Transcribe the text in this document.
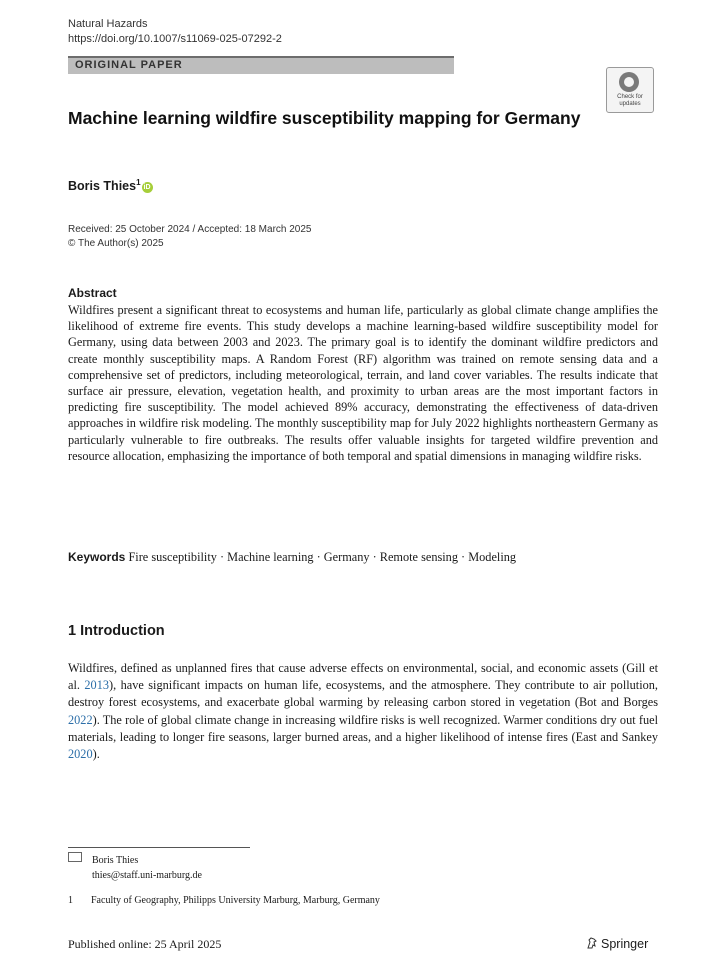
Natural Hazards
https://doi.org/10.1007/s11069-025-07292-2
ORIGINAL PAPER
Check for
updates
Machine learning wildfire susceptibility mapping for Germany
Boris Thies$^1$iD
Received: 25 October 2024 / Accepted: 18 March 2025
© The Author(s) 2025
Abstract
Wildfires present a significant threat to ecosystems and human life, particularly as global climate change amplifies the likelihood of extreme fire events. This study develops a machine learning-based wildfire susceptibility model for Germany, using data between 2003 and 2023. The primary goal is to identify the dominant wildfire predictors and create monthly susceptibility maps. A Random Forest (RF) algorithm was trained on remote sensing data and a comprehensive set of predictors, including meteorological, terrain, and land cover variables. The results indicate that surface air pressure, elevation, vegetation health, and proximity to urban areas are the most important factors in predicting fire susceptibility. The model achieved 89% accuracy, demonstrating the effectiveness of data-driven approaches in wildfire risk modeling. The monthly susceptibility map for July 2022 highlights northeastern Germany as particularly vulnerable to fire outbreaks. The results offer valuable insights for targeted wildfire prevention and resource allocation, emphasizing the importance of both temporal and spatial dimensions in managing wildfire risks.
Keywords Fire susceptibility · Machine learning · Germany · Remote sensing · Modeling
1 Introduction
Wildfires, defined as unplanned fires that cause adverse effects on environmental, social, and economic assets (Gill et al. 2013), have significant impacts on human life, ecosystems, and the atmosphere. They contribute to air pollution, destroy forest ecosystems, and exacerbate global warming by releasing carbon stored in vegetation (Bot and Borges 2022). The role of global climate change in increasing wildfire risks is well recognized. Warmer conditions dry out fuel materials, leading to longer fire seasons, larger burned areas, and a higher likelihood of intense fires (East and Sankey 2020).
Boris Thies
thies@staff.uni-marburg.de
1 Faculty of Geography, Philipps University Marburg, Marburg, Germany
Published online: 25 April 2025	Springer
